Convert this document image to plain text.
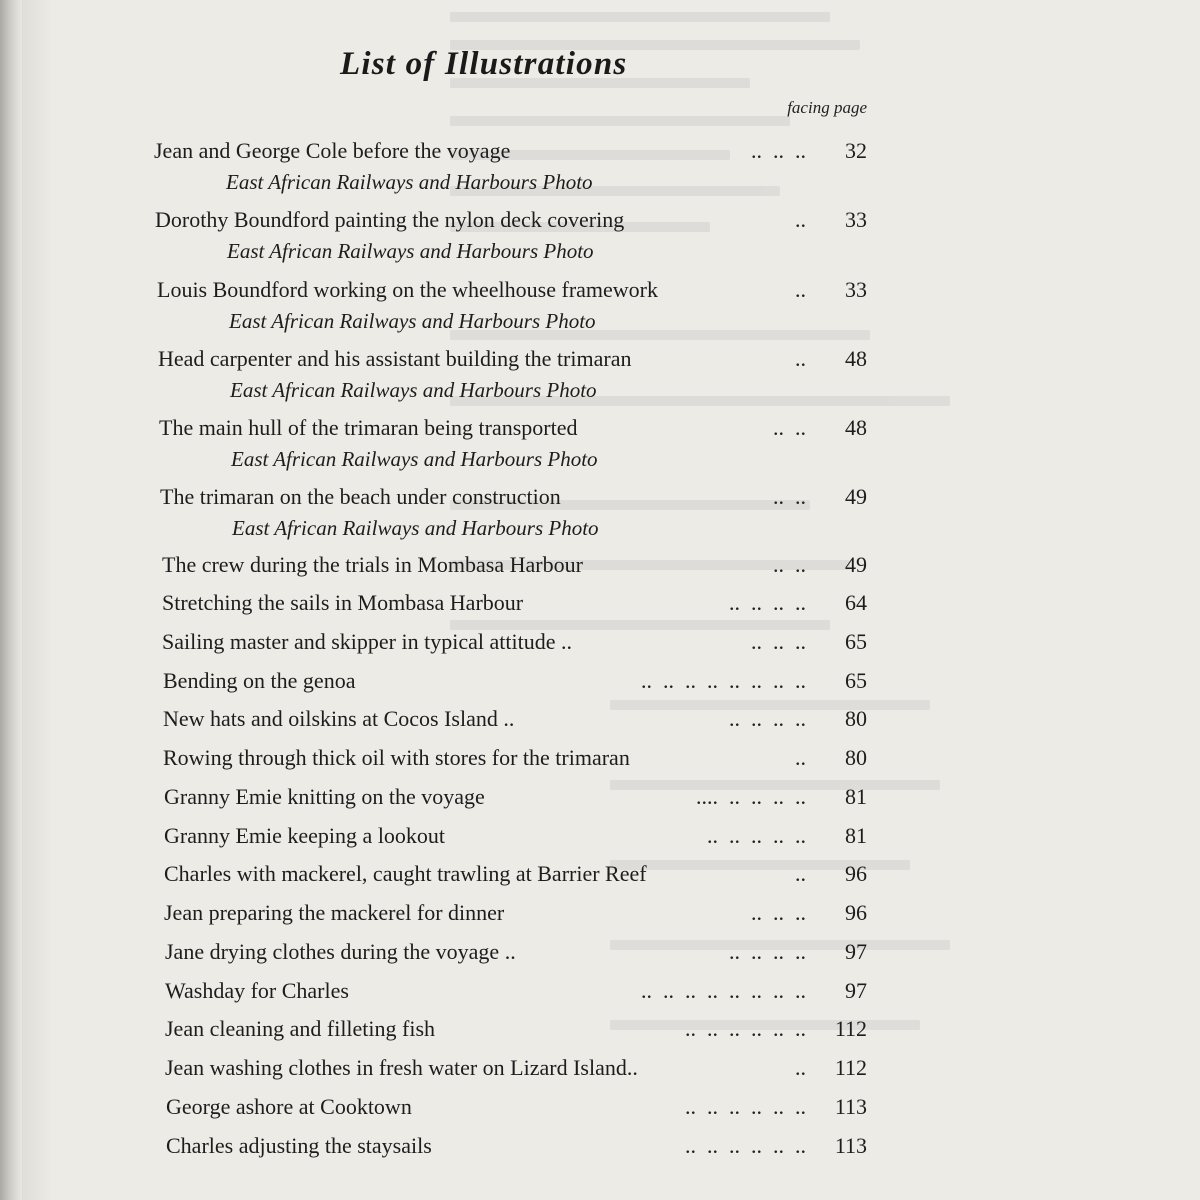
List of Illustrations
facing page
Jean and George Cole before the voyage	..  ..  ..	32
East African Railways and Harbours Photo
Dorothy Boundford painting the nylon deck covering	..	33
East African Railways and Harbours Photo
Louis Boundford working on the wheelhouse framework	..	33
East African Railways and Harbours Photo
Head carpenter and his assistant building the trimaran	..	48
East African Railways and Harbours Photo
The main hull of the trimaran being transported	..  ..	48
East African Railways and Harbours Photo
The trimaran on the beach under construction	..  ..	49
East African Railways and Harbours Photo
The crew during the trials in Mombasa Harbour	..  ..	49
Stretching the sails in Mombasa Harbour	..  ..  ..  ..	64
Sailing master and skipper in typical attitude ..	..  ..  ..	65
Bending on the genoa	..  ..  ..  ..  ..  ..  ..  ..	65
New hats and oilskins at Cocos Island ..	..  ..  ..  ..	80
Rowing through thick oil with stores for the trimaran	..	80
Granny Emie knitting on the voyage	....  ..  ..  ..  ..	81
Granny Emie keeping a lookout	..  ..  ..  ..  ..	81
Charles with mackerel, caught trawling at Barrier Reef	..	96
Jean preparing the mackerel for dinner	..  ..  ..	96
Jane drying clothes during the voyage ..	..  ..  ..  ..	97
Washday for Charles	..  ..  ..  ..  ..  ..  ..  ..	97
Jean cleaning and filleting fish	..  ..  ..  ..  ..  ..	112
Jean washing clothes in fresh water on Lizard Island..	..	112
George ashore at Cooktown	..  ..  ..  ..  ..  ..	113
Charles adjusting the staysails	..  ..  ..  ..  ..  ..	113
